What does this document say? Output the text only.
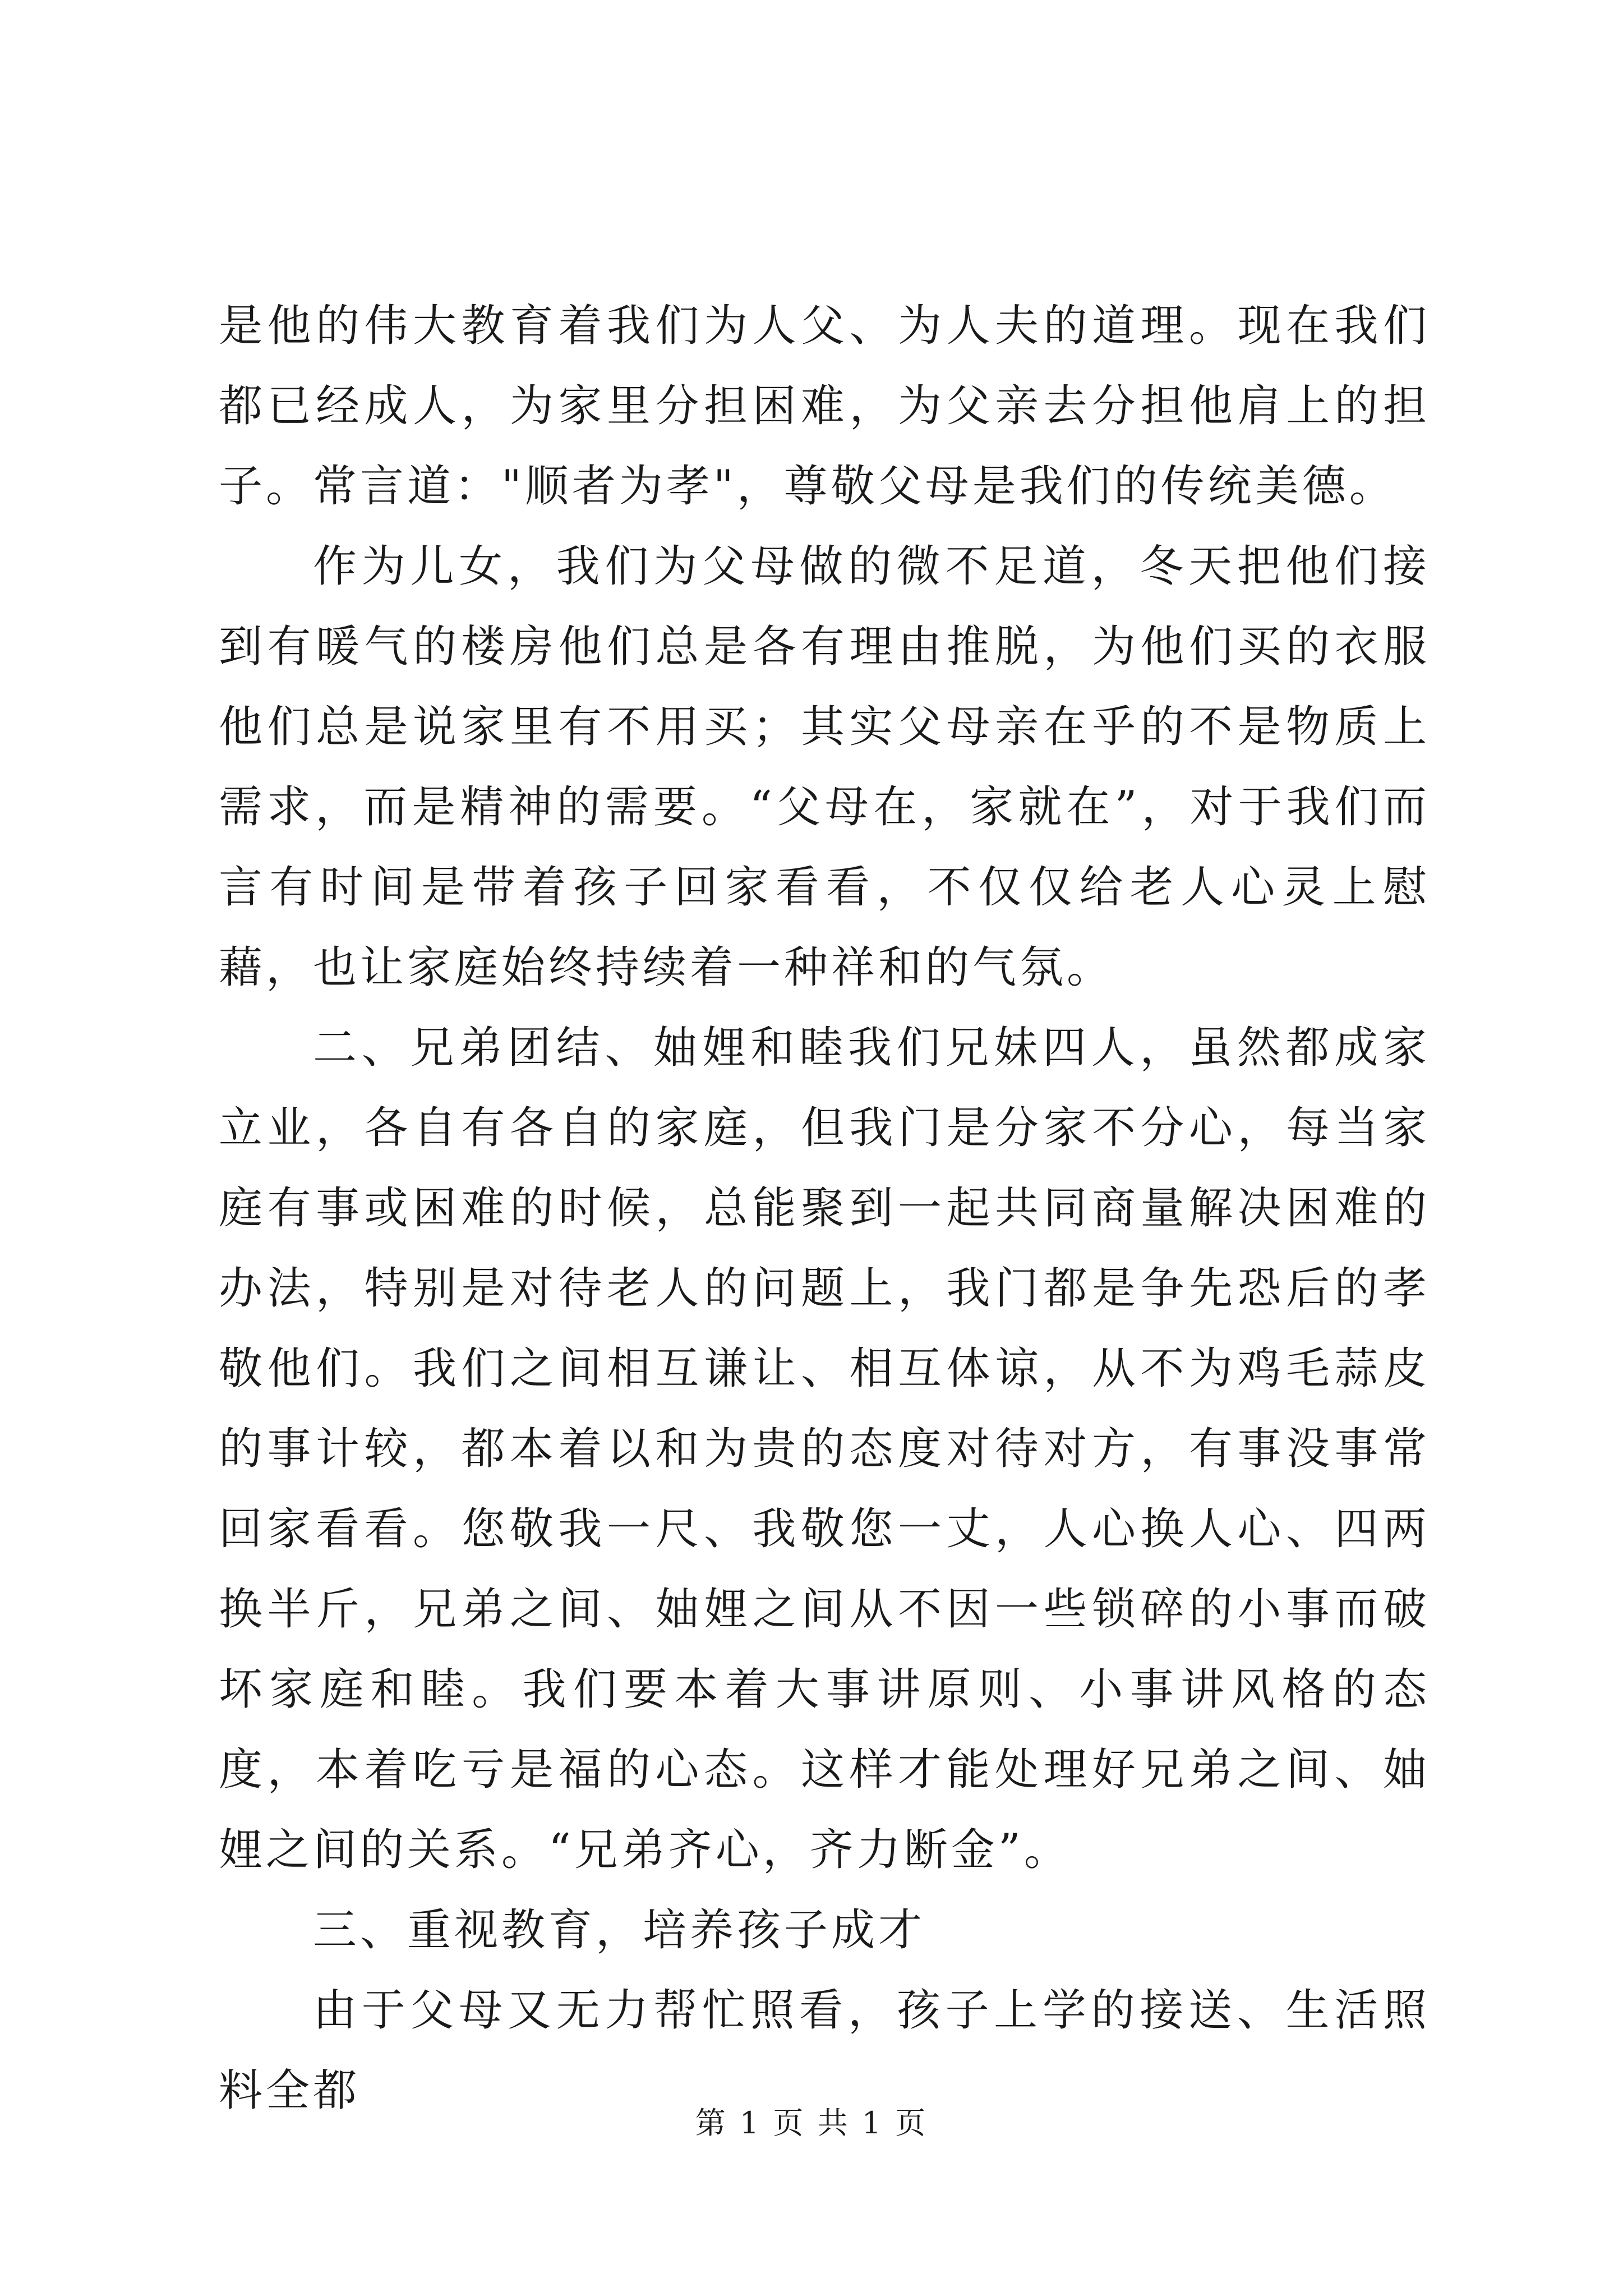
是他的伟大教育着我们为人父、为人夫的道理。现在我们都已经成人，为家里分担困难，为父亲去分担他肩上的担子。常言道："顺者为孝"，尊敬父母是我们的传统美德。

作为儿女，我们为父母做的微不足道，冬天把他们接到有暖气的楼房他们总是各有理由推脱，为他们买的衣服他们总是说家里有不用买；其实父母亲在乎的不是物质上需求，而是精神的需要。“父母在，家就在”，对于我们而言有时间是带着孩子回家看看，不仅仅给老人心灵上慰藉，也让家庭始终持续着一种祥和的气氛。

二、兄弟团结、妯娌和睦我们兄妹四人，虽然都成家立业，各自有各自的家庭，但我门是分家不分心，每当家庭有事或困难的时候，总能聚到一起共同商量解决困难的办法，特别是对待老人的问题上，我门都是争先恐后的孝敬他们。我们之间相互谦让、相互体谅，从不为鸡毛蒜皮的事计较，都本着以和为贵的态度对待对方，有事没事常回家看看。您敬我一尺、我敬您一丈，人心换人心、四两换半斤，兄弟之间、妯娌之间从不因一些锁碎的小事而破坏家庭和睦。我们要本着大事讲原则、小事讲风格的态度，本着吃亏是福的心态。这样才能处理好兄弟之间、妯娌之间的关系。“兄弟齐心，齐力断金”。

三、重视教育，培养孩子成才

由于父母又无力帮忙照看，孩子上学的接送、生活照料全都

第 1 页 共 1 页
